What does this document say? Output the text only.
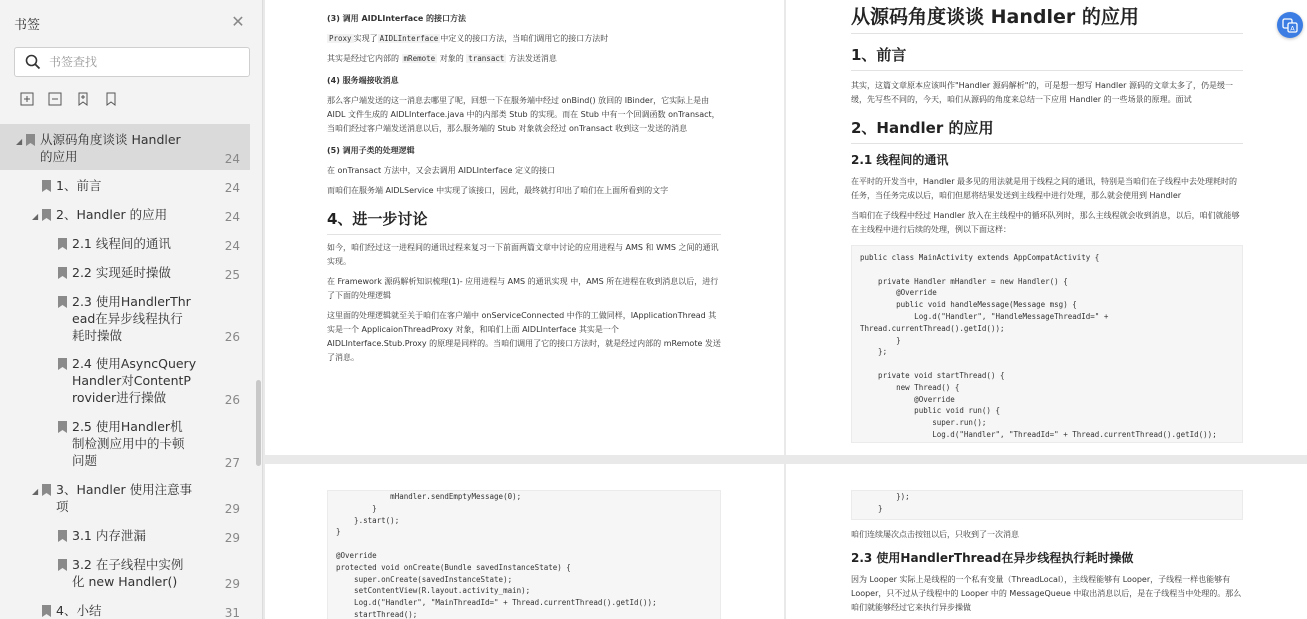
书签	✕
书签查找
◢	从源码角度谈谈 Handler
的应用	24
1、前言	24
◢	2、Handler 的应用	24
2.1 线程间的通讯	24
2.2 实现延时操做	25
2.3 使用HandlerThr
ead在异步线程执行
耗时操做	26
2.4 使用AsyncQuery
Handler对ContentP
rovider进行操做	26
2.5 使用Handler机
制检测应用中的卡顿
问题	27
◢	3、Handler 使用注意事
项	29
3.1 内存泄漏	29
3.2 在子线程中实例
化 new Handler()	29
4、小结	31
(3) 调用 AIDLInterface 的接口方法
Proxy 实现了 AIDLInterface 中定义的接口方法，当咱们调用它的接口方法时
其实是经过它内部的 mRemote 对象的 transact 方法发送消息
(4) 服务端接收消息
那么客户端发送的这一消息去哪里了呢，回想一下在服务端中经过 onBind() 放回的 IBinder，它实际上是由 AIDL 文件生成的 AIDLInterface.java 中的内部类 Stub 的实现。而在 Stub 中有一个回调函数 onTransact，当咱们经过客户端发送消息以后，那么服务端的 Stub 对象就会经过 onTransact 收到这一发送的消息
(5) 调用子类的处理逻辑
在 onTransact 方法中，又会去调用 AIDLInterface 定义的接口
而咱们在服务端 AIDLService 中实现了该接口，因此，最终就打印出了咱们在上面所看到的文字
4、进一步讨论
如今，咱们经过这一进程间的通讯过程来复习一下前面两篇文章中讨论的应用进程与 AMS 和 WMS 之间的通讯实现。
在 Framework 源码解析知识梳理(1)- 应用进程与 AMS 的通讯实现 中，AMS 所在进程在收到消息以后，进行了下面的处理逻辑
这里面的处理逻辑就至关于咱们在客户端中 onServiceConnected 中作的工做同样，IApplicationThread 其实是一个 ApplicaionThreadProxy 对象，和咱们上面 AIDLInterface 其实是一个 AIDLInterface.Stub.Proxy 的原理是同样的。当咱们调用了它的接口方法时，就是经过内部的 mRemote 发送了消息。
从源码角度谈谈 Handler 的应用
1、前言
其实，这篇文章原本应该叫作"Handler 源码解析"的，可是想一想写 Handler 源码的文章太多了，仍是缓一缓，先写些不同的，今天，咱们从源码的角度来总结一下应用 Handler 的一些场景的原理。面试
2、Handler 的应用
2.1 线程间的通讯
在平时的开发当中，Handler 最多见的用法就是用于线程之间的通讯，特别是当咱们在子线程中去处理耗时的任务，当任务完成以后，咱们但愿将结果发送到主线程中进行处理，那么就会使用到 Handler
当咱们在子线程中经过 Handler 放入在主线程中的循环队列时，那么主线程就会收到消息，以后，咱们就能够在主线程中进行后续的处理，例以下面这样：
public class MainActivity extends AppCompatActivity {

private Handler mHandler = new Handler() {
@Override
public void handleMessage(Message msg) {
Log.d("Handler", "HandleMessageThreadId=" +
Thread.currentThread().getId());
}
};

private void startThread() {
new Thread() {
@Override
public void run() {
super.run();
Log.d("Handler", "ThreadId=" + Thread.currentThread().getId());
mHandler.sendEmptyMessage(0);
}
}.start();
}

@Override
protected void onCreate(Bundle savedInstanceState) {
super.onCreate(savedInstanceState);
setContentView(R.layout.activity_main);
Log.d("Handler", "MainThreadId=" + Thread.currentThread().getId());
startThread();
});
}
咱们连续屡次点击按钮以后，只收到了一次消息
2.3 使用HandlerThread在异步线程执行耗时操做
因为 Looper 实际上是线程的一个私有变量（ThreadLocal），主线程能够有 Looper，子线程一样也能够有 Looper，只不过从子线程中的 Looper 中的 MessageQueue 中取出消息以后，是在子线程当中处理的。那么咱们就能够经过它来执行异步操做
A
